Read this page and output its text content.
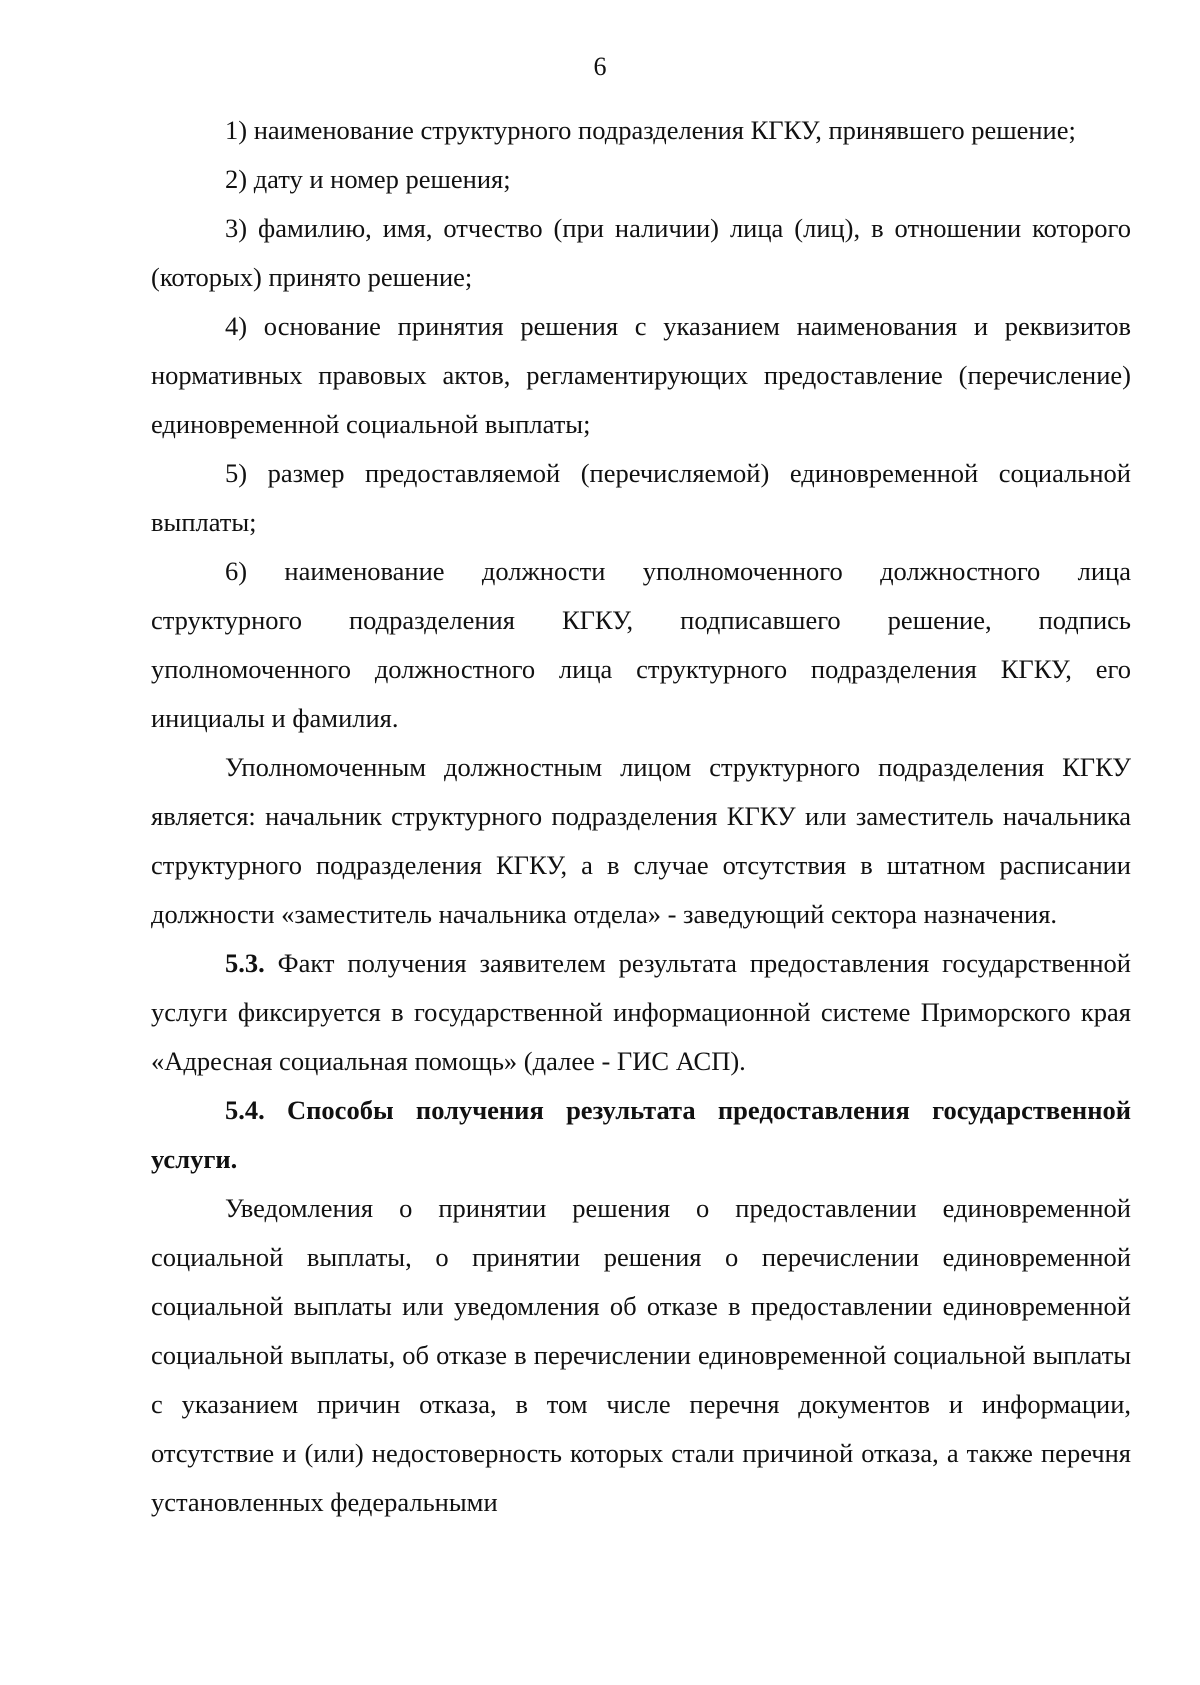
6

1) наименование структурного подразделения КГКУ, принявшего решение;

2) дату и номер решения;

3) фамилию, имя, отчество (при наличии) лица (лиц), в отношении которого (которых) принято решение;

4) основание принятия решения с указанием наименования и реквизитов нормативных правовых актов, регламентирующих предоставление (перечисление) единовременной социальной выплаты;

5) размер предоставляемой (перечисляемой) единовременной социальной выплаты;

6) наименование должности уполномоченного должностного лица структурного подразделения КГКУ, подписавшего решение, подпись уполномоченного должностного лица структурного подразделения КГКУ, его инициалы и фамилия.

Уполномоченным должностным лицом структурного подразделения КГКУ является: начальник структурного подразделения КГКУ или заместитель начальника структурного подразделения КГКУ, а в случае отсутствия в штатном расписании должности «заместитель начальника отдела» - заведующий сектора назначения.

5.3. Факт получения заявителем результата предоставления государственной услуги фиксируется в государственной информационной системе Приморского края «Адресная социальная помощь» (далее - ГИС АСП).

5.4. Способы получения результата предоставления государственной услуги.

Уведомления о принятии решения о предоставлении единовременной социальной выплаты, о принятии решения о перечислении единовременной социальной выплаты или уведомления об отказе в предоставлении единовременной социальной выплаты, об отказе в перечислении единовременной социальной выплаты с указанием причин отказа, в том числе перечня документов и информации, отсутствие и (или) недостоверность которых стали причиной отказа, а также перечня установленных федеральными
